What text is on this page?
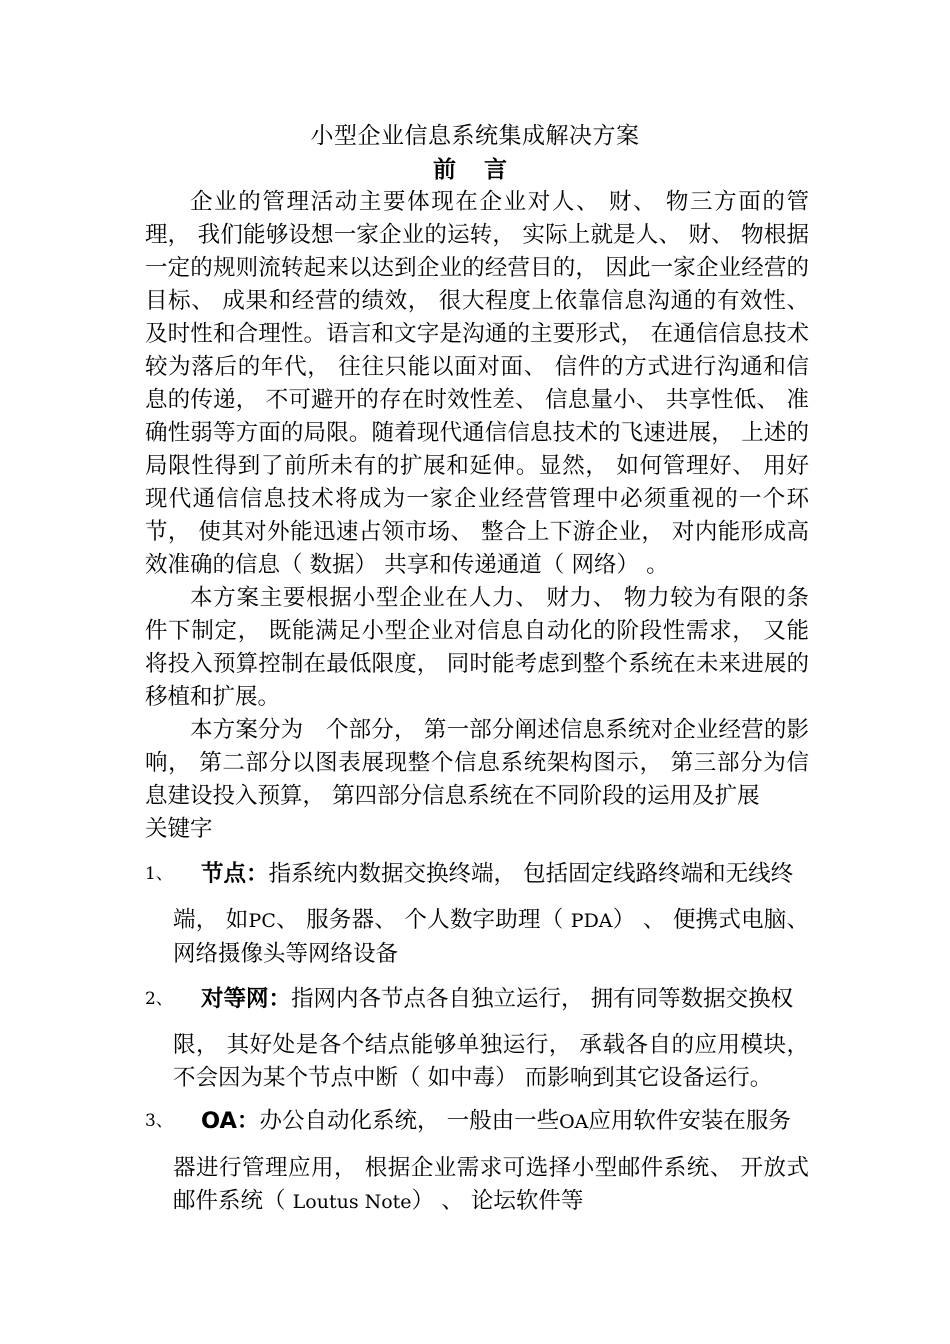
小型企业信息系统集成解决方案
前 言

企业的管理活动主要体现在企业对人、 财、 物三方面的管理， 我们能够设想一家企业的运转， 实际上就是人、 财、 物根据一定的规则流转起来以达到企业的经营目的， 因此一家企业经营的目标、 成果和经营的绩效， 很大程度上依靠信息沟通的有效性、 及时性和合理性。语言和文字是沟通的主要形式， 在通信信息技术较为落后的年代， 往往只能以面对面、 信件的方式进行沟通和信息的传递， 不可避开的存在时效性差、 信息量小、 共享性低、 准确性弱等方面的局限。随着现代通信信息技术的飞速进展， 上述的局限性得到了前所未有的扩展和延伸。显然， 如何管理好、 用好现代通信信息技术将成为一家企业经营管理中必须重视的一个环节， 使其对外能迅速占领市场、 整合上下游企业， 对内能形成高效准确的信息（ 数据） 共享和传递通道（ 网络） 。

本方案主要根据小型企业在人力、 财力、 物力较为有限的条件下制定， 既能满足小型企业对信息自动化的阶段性需求， 又能将投入预算控制在最低限度， 同时能考虑到整个系统在未来进展的移植和扩展。

本方案分为　个部分， 第一部分阐述信息系统对企业经营的影响， 第二部分以图表展现整个信息系统架构图示， 第三部分为信息建设投入预算， 第四部分信息系统在不同阶段的运用及扩展

关键字
1、	节点：指系统内数据交换终端， 包括固定线路终端和无线终
端， 如PC、 服务器、 个人数字助理（ PDA） 、 便携式电脑、网络摄像头等网络设备
2、	对等网：指网内各节点各自独立运行， 拥有同等数据交换权
限， 其好处是各个结点能够单独运行， 承载各自的应用模块，不会因为某个节点中断（ 如中毒） 而影响到其它设备运行。
3、	OA：办公自动化系统， 一般由一些OA应用软件安装在服务
器进行管理应用， 根据企业需求可选择小型邮件系统、 开放式邮件系统（ Loutus Note） 、 论坛软件等
